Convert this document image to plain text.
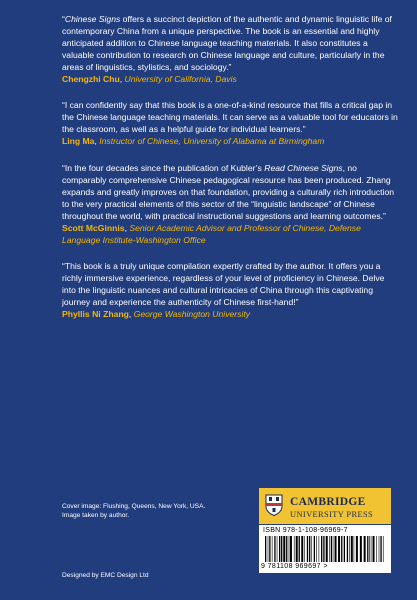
“Chinese Signs offers a succinct depiction of the authentic and dynamic linguistic life of contemporary China from a unique perspective. The book is an essential and highly anticipated addition to Chinese language teaching materials. It also constitutes a valuable contribution to research on Chinese language and culture, particularly in the areas of linguistics, stylistics, and sociology.”

Chengzhi Chu, University of California, Davis

“I can confidently say that this book is a one-of-a-kind resource that fills a critical gap in the Chinese language teaching materials. It can serve as a valuable tool for educators in the classroom, as well as a helpful guide for individual learners.”

Ling Ma, Instructor of Chinese, University of Alabama at Birmingham

“In the four decades since the publication of Kubler’s Read Chinese Signs, no comparably comprehensive Chinese pedagogical resource has been produced. Zhang expands and greatly improves on that foundation, providing a culturally rich introduction to the very practical elements of this sector of the “linguistic landscape” of Chinese throughout the world, with practical instructional suggestions and learning outcomes.”

Scott McGinnis, Senior Academic Advisor and Professor of Chinese, Defense Language Institute-Washington Office

“This book is a truly unique compilation expertly crafted by the author. It offers you a richly immersive experience, regardless of your level of proficiency in Chinese. Delve into the linguistic nuances and cultural intricacies of China through this captivating journey and experience the authenticity of Chinese first-hand!”

Phyllis Ni Zhang, George Washington University

Cover image: Flushing, Queens, New York, USA.
Image taken by author.
Designed by EMC Design Ltd
CAMBRIDGE
UNIVERSITY PRESS
ISBN 978-1-108-96969-7
9 781108 969697 >
